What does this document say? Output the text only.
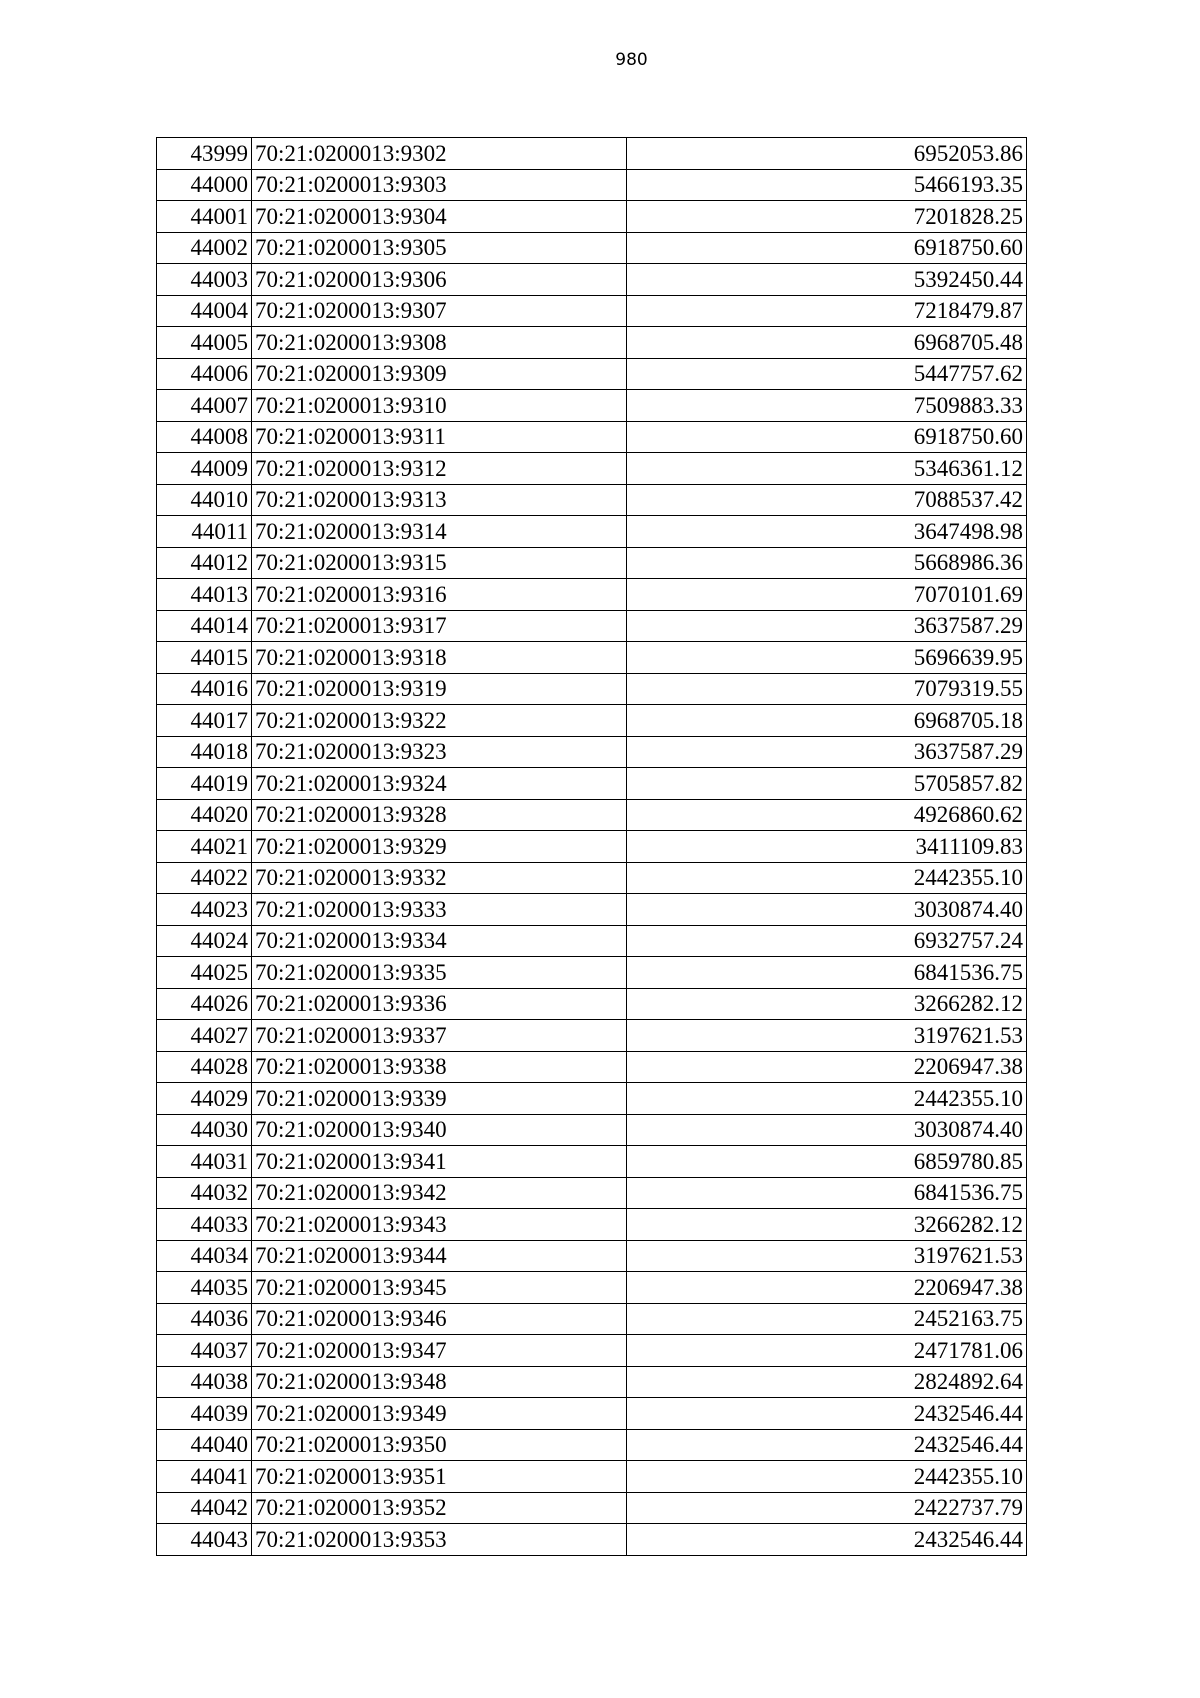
980
43999	70:21:0200013:9302	6952053.86
44000	70:21:0200013:9303	5466193.35
44001	70:21:0200013:9304	7201828.25
44002	70:21:0200013:9305	6918750.60
44003	70:21:0200013:9306	5392450.44
44004	70:21:0200013:9307	7218479.87
44005	70:21:0200013:9308	6968705.48
44006	70:21:0200013:9309	5447757.62
44007	70:21:0200013:9310	7509883.33
44008	70:21:0200013:9311	6918750.60
44009	70:21:0200013:9312	5346361.12
44010	70:21:0200013:9313	7088537.42
44011	70:21:0200013:9314	3647498.98
44012	70:21:0200013:9315	5668986.36
44013	70:21:0200013:9316	7070101.69
44014	70:21:0200013:9317	3637587.29
44015	70:21:0200013:9318	5696639.95
44016	70:21:0200013:9319	7079319.55
44017	70:21:0200013:9322	6968705.18
44018	70:21:0200013:9323	3637587.29
44019	70:21:0200013:9324	5705857.82
44020	70:21:0200013:9328	4926860.62
44021	70:21:0200013:9329	3411109.83
44022	70:21:0200013:9332	2442355.10
44023	70:21:0200013:9333	3030874.40
44024	70:21:0200013:9334	6932757.24
44025	70:21:0200013:9335	6841536.75
44026	70:21:0200013:9336	3266282.12
44027	70:21:0200013:9337	3197621.53
44028	70:21:0200013:9338	2206947.38
44029	70:21:0200013:9339	2442355.10
44030	70:21:0200013:9340	3030874.40
44031	70:21:0200013:9341	6859780.85
44032	70:21:0200013:9342	6841536.75
44033	70:21:0200013:9343	3266282.12
44034	70:21:0200013:9344	3197621.53
44035	70:21:0200013:9345	2206947.38
44036	70:21:0200013:9346	2452163.75
44037	70:21:0200013:9347	2471781.06
44038	70:21:0200013:9348	2824892.64
44039	70:21:0200013:9349	2432546.44
44040	70:21:0200013:9350	2432546.44
44041	70:21:0200013:9351	2442355.10
44042	70:21:0200013:9352	2422737.79
44043	70:21:0200013:9353	2432546.44
